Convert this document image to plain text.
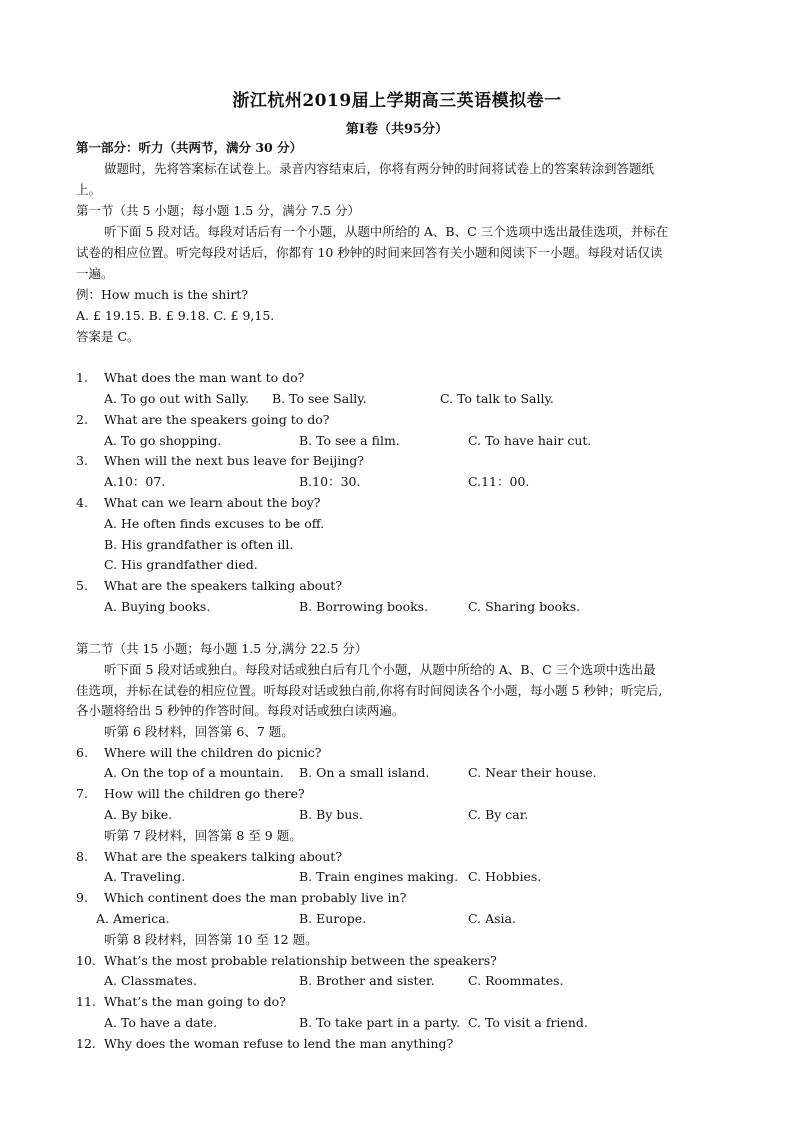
浙江杭州2019届上学期高三英语模拟卷一
第Ⅰ卷（共95分）
第一部分：听力（共两节，满分 30 分）
做题时，先将答案标在试卷上。录音内容结束后，你将有两分钟的时间将试卷上的答案转涂到答题纸
上。
第一节（共 5 小题；每小题 1.5 分，满分 7.5 分）
听下面 5 段对话。每段对话后有一个小题，从题中所给的 A、B、C 三个选项中选出最佳选项，并标在
试卷的相应位置。听完每段对话后，你都有 10 秒钟的时间来回答有关小题和阅读下一小题。每段对话仅读
一遍。
例：How much is the shirt?
A. £ 19.15. B. £ 9.18. C. £ 9,15.
答案是 C。
1. What does the man want to do?
A. To go out with Sally. B. To see Sally.	C. To talk to Sally.
2. What are the speakers going to do?
A. To go shopping.	B. To see a film.	C. To have hair cut.
3. When will the next bus leave for Beijing?
A.10：07.	B.10：30.	C.11：00.
4. What can we learn about the boy?
A. He often finds excuses to be off.
B. His grandfather is often ill.
C. His grandfather died.
5. What are the speakers talking about?
A. Buying books.	B. Borrowing books.	C. Sharing books.
第二节（共 15 小题；每小题 1.5 分,满分 22.5 分）
听下面 5 段对话或独白。每段对话或独白后有几个小题，从题中所给的 A、B、C 三个选项中选出最
佳选项，并标在试卷的相应位置。听每段对话或独白前,你将有时间阅读各个小题，每小题 5 秒钟；听完后,
各小题将给出 5 秒钟的作答时间。每段对话或独白读两遍。
听第 6 段材料，回答第 6、7 题。
6. Where will the children do picnic?
A. On the top of a mountain. B. On a small island.	C. Near their house.
7. How will the children go there?
A. By bike.	B. By bus.	C. By car.
听第 7 段材料，回答第 8 至 9 题。
8. What are the speakers talking about?
A. Traveling.	B. Train engines making. C. Hobbies.
9. Which continent does the man probably live in?
A. America.	B. Europe.	C. Asia.
听第 8 段材料，回答第 10 至 12 题。
10. What’s the most probable relationship between the speakers?
A. Classmates.	B. Brother and sister.	C. Roommates.
11. What’s the man going to do?
A. To have a date.	B. To take part in a party. C. To visit a friend.
12. Why does the woman refuse to lend the man anything?
